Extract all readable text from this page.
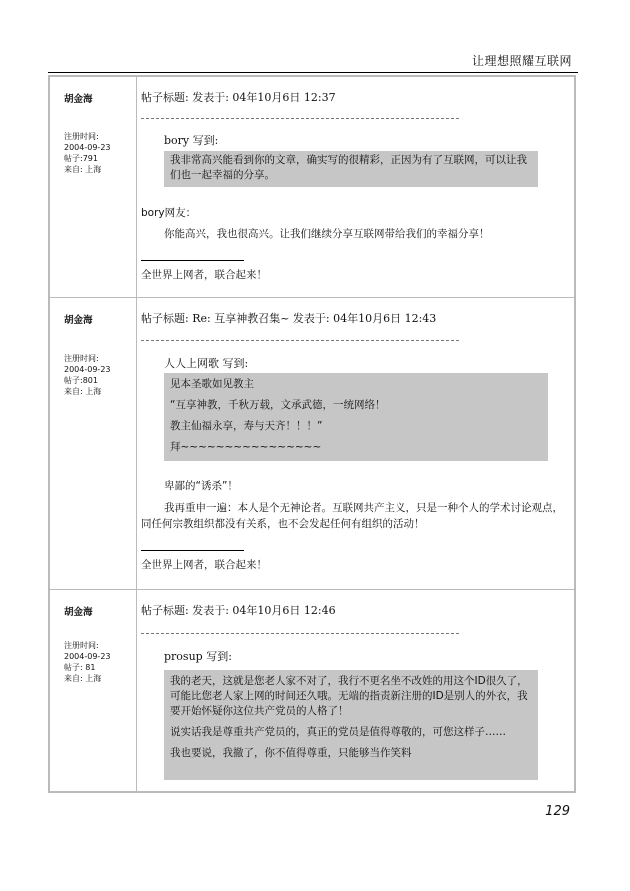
让理想照耀互联网
胡金海
注册时间:
2004-09-23
帖子:791
来自: 上海
帖子标题: 发表于: 04年10月6日 12:37
bory 写到:

我非常高兴能看到你的文章，确实写的很精彩，正因为有了互联网，可以让我们也一起幸福的分享。

bory网友：
你能高兴，我也很高兴。让我们继续分享互联网带给我们的幸福分享！
全世界上网者，联合起来！
胡金海
注册时间:
2004-09-23
帖子:801
来自: 上海
帖子标题: Re: 互享神教召集~ 发表于: 04年10月6日 12:43
人人上网歌 写到:

见本圣歌如见教主

“互享神教，千秋万载，文承武德，一统网络！

教主仙福永享，寿与天齐！！！”

拜~~~~~~~~~~~~~~~~

卑鄙的“诱杀”！
我再重申一遍：本人是个无神论者。互联网共产主义，只是一种个人的学术讨论观点，同任何宗教组织都没有关系，也不会发起任何有组织的活动！
全世界上网者，联合起来！
胡金海
注册时间:
2004-09-23
帖子: 81
来自: 上海
帖子标题: 发表于: 04年10月6日 12:46
prosup 写到:

我的老天，这就是您老人家不对了，我行不更名坐不改姓的用这个ID很久了，可能比您老人家上网的时间还久哦。无端的指责新注册的ID是别人的外衣，我要开始怀疑你这位共产党员的人格了！

说实话我是尊重共产党员的，真正的党员是值得尊敬的，可您这样子……

我也要说，我撤了，你不值得尊重，只能够当作笑料

129
